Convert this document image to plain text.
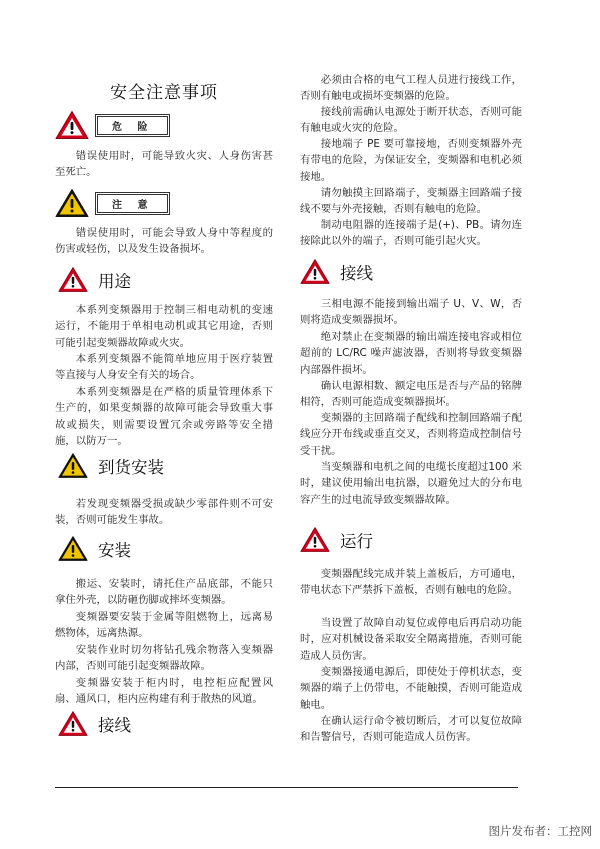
安全注意事项
危 险

错误使用时，可能导致火灾、人身伤害甚至死亡。

注 意

错误使用时，可能会导致人身中等程度的伤害或轻伤，以及发生设备损坏。

用途

本系列变频器用于控制三相电动机的变速运行，不能用于单相电动机或其它用途，否则可能引起变频器故障或火灾。

本系列变频器不能简单地应用于医疗装置等直接与人身安全有关的场合。

本系列变频器是在严格的质量管理体系下生产的，如果变频器的故障可能会导致重大事故或损失，则需要设置冗余或旁路等安全措施，以防万一。

到货安装

若发现变频器受损或缺少零部件则不可安装，否则可能发生事故。

安装

搬运、安装时，请托住产品底部，不能只拿住外壳，以防砸伤脚或摔坏变频器。

变频器要安装于金属等阻燃物上，远离易燃物体，远离热源。

安装作业时切勿将钻孔残余物落入变频器内部，否则可能引起变频器故障。

变频器安装于柜内时，电控柜应配置风扇、通风口，柜内应构建有利于散热的风道。

接线

必须由合格的电气工程人员进行接线工作，否则有触电或损坏变频器的危险。

接线前需确认电源处于断开状态，否则可能有触电或火灾的危险。

接地端子 PE 要可靠接地，否则变频器外壳有带电的危险，为保证安全，变频器和电机必须接地。

请勿触摸主回路端子，变频器主回路端子接线不要与外壳接触，否则有触电的危险。

制动电阻器的连接端子是(+)、PB。请勿连接除此以外的端子，否则可能引起火灾。

接线

三相电源不能接到输出端子 U、V、W，否则将造成变频器损坏。

绝对禁止在变频器的输出端连接电容或相位超前的 LC/RC 噪声滤波器，否则将导致变频器内部器件损坏。

确认电源相数、额定电压是否与产品的铭牌相符，否则可能造成变频器损坏。

变频器的主回路端子配线和控制回路端子配线应分开布线或垂直交叉，否则将造成控制信号受干扰。

当变频器和电机之间的电缆长度超过100 米时，建议使用输出电抗器，以避免过大的分布电容产生的过电流导致变频器故障。

运行

变频器配线完成并装上盖板后，方可通电，带电状态下严禁拆下盖板，否则有触电的危险。

当设置了故障自动复位或停电后再启动功能时，应对机械设备采取安全隔离措施，否则可能造成人员伤害。

变频器接通电源后，即使处于停机状态，变频器的端子上仍带电，不能触摸，否则可能造成触电。

在确认运行命令被切断后，才可以复位故障和告警信号，否则可能造成人员伤害。

图片发布者：工控网
